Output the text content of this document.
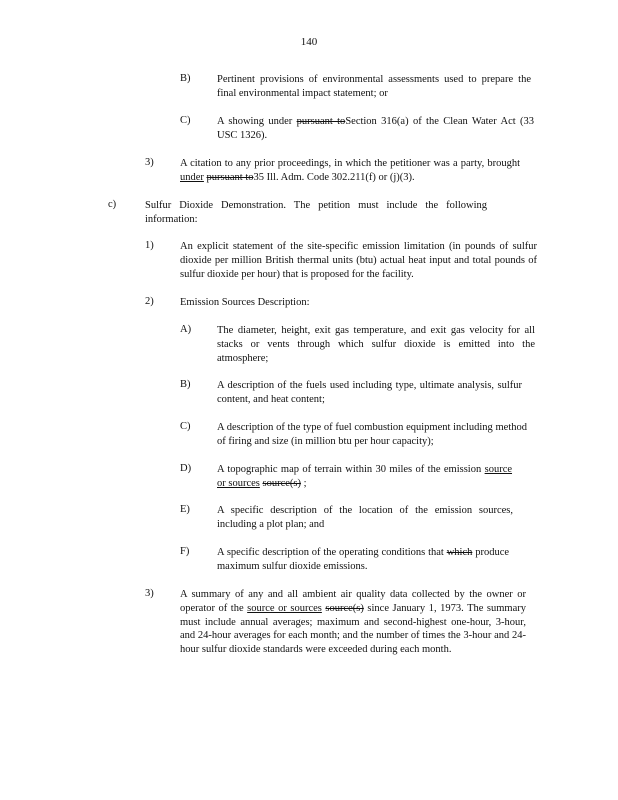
140
B)	Pertinent provisions of environmental assessments used to prepare the final environmental impact statement; or
C)	A showing under pursuant toSection 316(a) of the Clean Water Act (33 USC 1326).
3)	A citation to any prior proceedings, in which the petitioner was a party, brought under pursuant to35 Ill. Adm. Code 302.211(f) or (j)(3).
c)	Sulfur Dioxide Demonstration. The petition must include the following information:
1)	An explicit statement of the site-specific emission limitation (in pounds of sulfur dioxide per million British thermal units (btu) actual heat input and total pounds of sulfur dioxide per hour) that is proposed for the facility.
2)	Emission Sources Description:
A) The diameter, height, exit gas temperature, and exit gas velocity for all stacks or vents through which sulfur dioxide is emitted into the atmosphere;
B)	A description of the fuels used including type, ultimate analysis, sulfur content, and heat content;
C)	A description of the type of fuel combustion equipment including method of firing and size (in million btu per hour capacity);
D) A topographic map of terrain within 30 miles of the emission source or sources source(s) ;
E)	A specific description of the location of the emission sources, including a plot plan; and
F)	A specific description of the operating conditions that which produce maximum sulfur dioxide emissions.
3)	A summary of any and all ambient air quality data collected by the owner or operator of the source or sources source(s) since January 1, 1973. The summary must include annual averages; maximum and second-highest one-hour, 3-hour, and 24-hour averages for each month; and the number of times the 3-hour and 24-hour sulfur dioxide standards were exceeded during each month.
